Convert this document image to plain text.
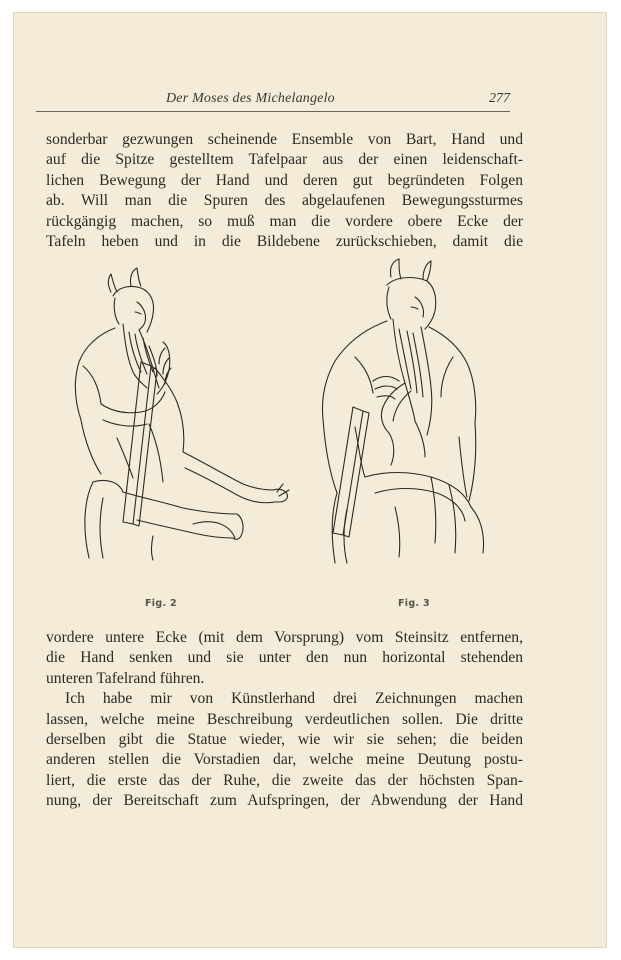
Der Moses des Michelangelo	277
sonderbar gezwungen scheinende Ensemble von Bart, Hand und
auf die Spitze gestelltem Tafelpaar aus der einen leidenschaft-
lichen Bewegung der Hand und deren gut begründeten Folgen
ab. Will man die Spuren des abgelaufenen Bewegungssturmes
rückgängig machen, so muß man die vordere obere Ecke der
Tafeln heben und in die Bildebene zurückschieben, damit die
Fig. 2	Fig. 3
vordere untere Ecke (mit dem Vorsprung) vom Steinsitz entfernen,
die Hand senken und sie unter den nun horizontal stehenden
unteren Tafelrand führen.
Ich habe mir von Künstlerhand drei Zeichnungen machen
lassen, welche meine Beschreibung verdeutlichen sollen. Die dritte
derselben gibt die Statue wieder, wie wir sie sehen; die beiden
anderen stellen die Vorstadien dar, welche meine Deutung postu-
liert, die erste das der Ruhe, die zweite das der höchsten Span-
nung, der Bereitschaft zum Aufspringen, der Abwendung der Hand
